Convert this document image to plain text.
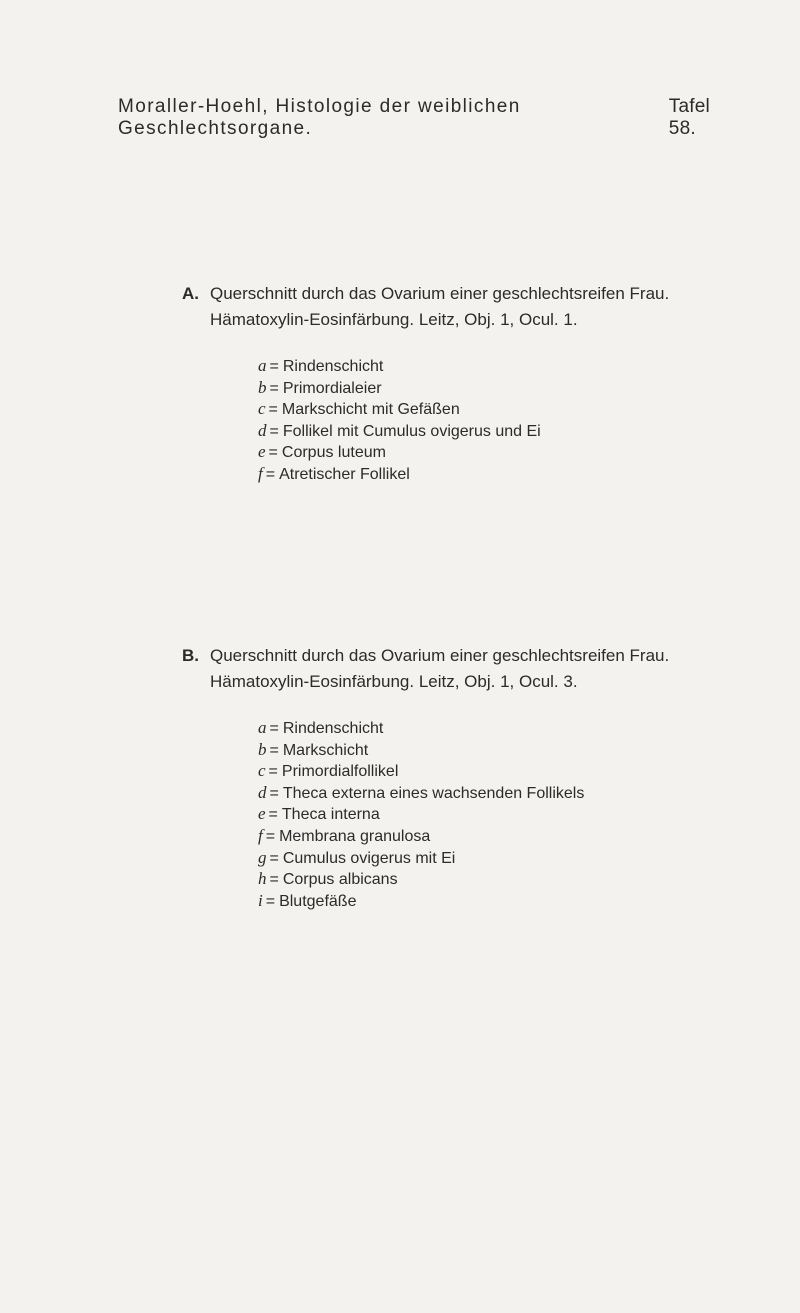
Moraller-Hoehl, Histologie der weiblichen Geschlechtsorgane.
Tafel 58.
A. Querschnitt durch das Ovarium einer geschlechtsreifen Frau.
Hämatoxylin-Eosinfärbung. Leitz, Obj. 1, Ocul. 1.
a = Rindenschicht
b = Primordialeier
c = Markschicht mit Gefäßen
d = Follikel mit Cumulus ovigerus und Ei
e = Corpus luteum
f = Atretischer Follikel
B. Querschnitt durch das Ovarium einer geschlechtsreifen Frau.
Hämatoxylin-Eosinfärbung. Leitz, Obj. 1, Ocul. 3.
a = Rindenschicht
b = Markschicht
c = Primordialfollikel
d = Theca externa eines wachsenden Follikels
e = Theca interna
f = Membrana granulosa
g = Cumulus ovigerus mit Ei
h = Corpus albicans
i = Blutgefäße
